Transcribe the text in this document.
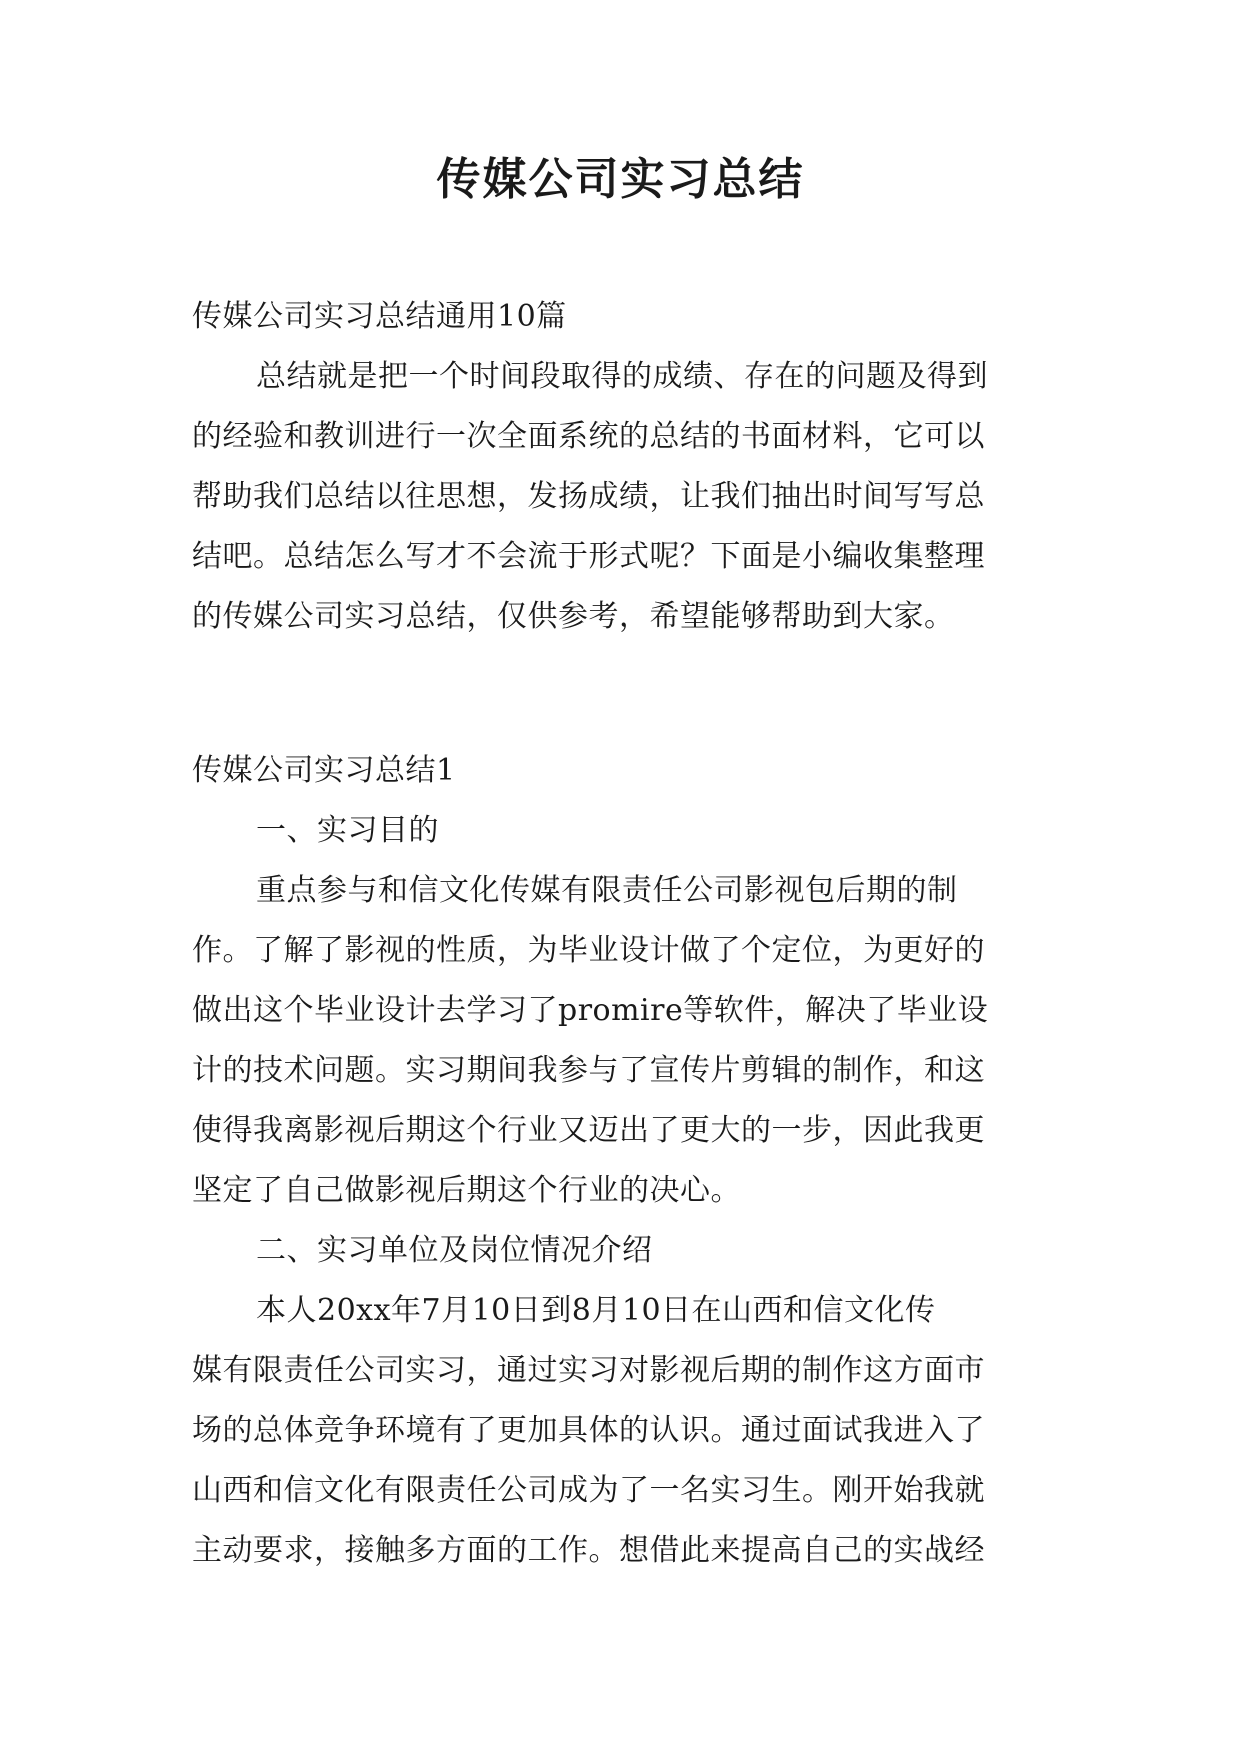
传媒公司实习总结

传媒公司实习总结通用10篇

总结就是把一个时间段取得的成绩、存在的问题及得到

的经验和教训进行一次全面系统的总结的书面材料，它可以

帮助我们总结以往思想，发扬成绩，让我们抽出时间写写总

结吧。总结怎么写才不会流于形式呢？下面是小编收集整理

的传媒公司实习总结，仅供参考，希望能够帮助到大家。

传媒公司实习总结1

一、实习目的

重点参与和信文化传媒有限责任公司影视包后期的制

作。了解了影视的性质，为毕业设计做了个定位，为更好的

做出这个毕业设计去学习了promire等软件，解决了毕业设

计的技术问题。实习期间我参与了宣传片剪辑的制作，和这

使得我离影视后期这个行业又迈出了更大的一步，因此我更

坚定了自己做影视后期这个行业的决心。

二、实习单位及岗位情况介绍

本人20xx年7月10日到8月10日在山西和信文化传

媒有限责任公司实习，通过实习对影视后期的制作这方面市

场的总体竞争环境有了更加具体的认识。通过面试我进入了

山西和信文化有限责任公司成为了一名实习生。刚开始我就

主动要求，接触多方面的工作。想借此来提高自己的实战经
